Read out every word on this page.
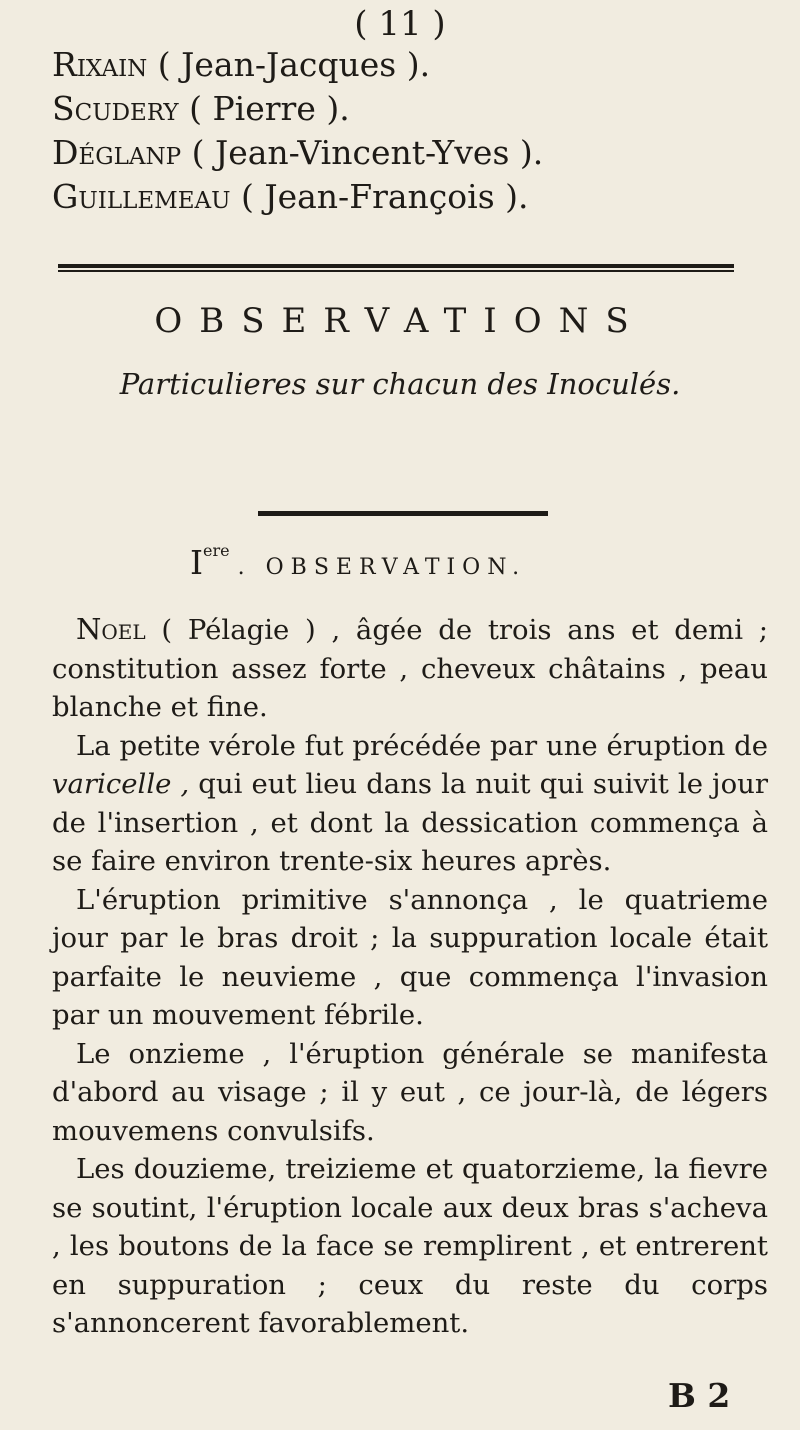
( 11 )
Rixain ( Jean-Jacques ).
Scudery ( Pierre ).
Déglanp ( Jean-Vincent-Yves ).
Guillemeau ( Jean-François ).
OBSERVATIONS
Particulieres sur chacun des Inoculés.
Iere. OBSERVATION.

Noel ( Pélagie ) , âgée de trois ans et demi ; constitution assez forte , cheveux châtains , peau blanche et fine.

La petite vérole fut précédée par une éruption de varicelle , qui eut lieu dans la nuit qui suivit le jour de l'insertion , et dont la dessication commença à se faire environ trente-six heures après.

L'éruption primitive s'annonça , le quatrieme jour par le bras droit ; la suppuration locale était parfaite le neuvieme , que commença l'invasion par un mouvement fébrile.

Le onzieme , l'éruption générale se manifesta d'abord au visage ; il y eut , ce jour-là, de légers mouvemens convulsifs.

Les douzieme, treizieme et quatorzieme, la fievre se soutint, l'éruption locale aux deux bras s'acheva , les boutons de la face se remplirent , et entrerent en suppuration ; ceux du reste du corps s'annoncerent favorablement.

B 2
